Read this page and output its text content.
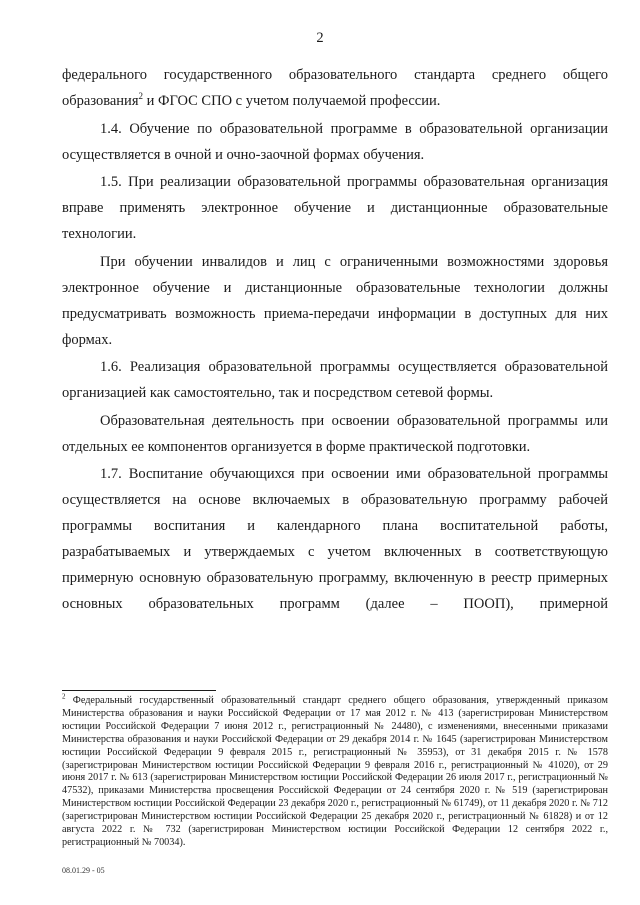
2

федерального государственного образовательного стандарта среднего общего образования$^2$ и ФГОС СПО с учетом получаемой профессии.

1.4. Обучение по образовательной программе в образовательной организации осуществляется в очной и очно-заочной формах обучения.

1.5. При реализации образовательной программы образовательная организация вправе применять электронное обучение и дистанционные образовательные технологии.

При обучении инвалидов и лиц с ограниченными возможностями здоровья электронное обучение и дистанционные образовательные технологии должны предусматривать возможность приема-передачи информации в доступных для них формах.

1.6. Реализация образовательной программы осуществляется образовательной организацией как самостоятельно, так и посредством сетевой формы.

Образовательная деятельность при освоении образовательной программы или отдельных ее компонентов организуется в форме практической подготовки.

1.7. Воспитание обучающихся при освоении ими образовательной программы осуществляется на основе включаемых в образовательную программу рабочей программы воспитания и календарного плана воспитательной работы, разрабатываемых и утверждаемых с учетом включенных в соответствующую примерную основную образовательную программу, включенную в реестр примерных основных образовательных программ (далее – ПООП), примерной

$^2$ Федеральный государственный образовательный стандарт среднего общего образования, утвержденный приказом Министерства образования и науки Российской Федерации от 17 мая 2012 г. № 413 (зарегистрирован Министерством юстиции Российской Федерации 7 июня 2012 г., регистрационный № 24480), с изменениями, внесенными приказами Министерства образования и науки Российской Федерации от 29 декабря 2014 г. № 1645 (зарегистрирован Министерством юстиции Российской Федерации 9 февраля 2015 г., регистрационный № 35953), от 31 декабря 2015 г. № 1578 (зарегистрирован Министерством юстиции Российской Федерации 9 февраля 2016 г., регистрационный № 41020), от 29 июня 2017 г. № 613 (зарегистрирован Министерством юстиции Российской Федерации 26 июля 2017 г., регистрационный № 47532), приказами Министерства просвещения Российской Федерации от 24 сентября 2020 г. № 519 (зарегистрирован Министерством юстиции Российской Федерации 23 декабря 2020 г., регистрационный № 61749), от 11 декабря 2020 г. № 712 (зарегистрирован Министерством юстиции Российской Федерации 25 декабря 2020 г., регистрационный № 61828) и от 12 августа 2022 г. № 732 (зарегистрирован Министерством юстиции Российской Федерации 12 сентября 2022 г., регистрационный № 70034).
08.01.29 - 05
